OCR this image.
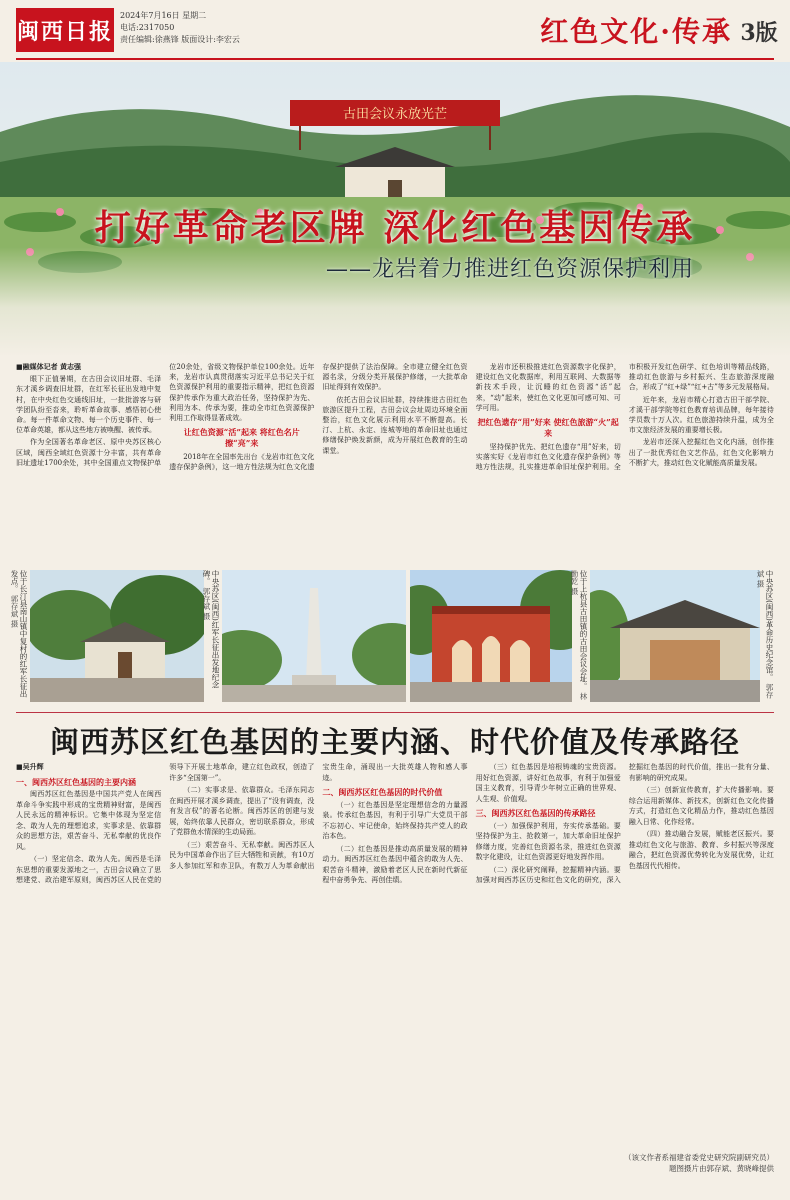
闽西日报
2024年7月16日 星期二
电话:2317050
责任编辑:徐燕锋 版面设计:李宏云	红色文化·传承 3版
古田会议永放光芒
打好革命老区牌 深化红色基因传承
——龙岩着力推进红色资源保护利用

■融媒体记者 黄志强

眼下正值暑期，在古田会议旧址群、毛泽东才溪乡调查旧址群，在红军长征出发地中复村，在中央红色交通线旧址，一批批游客与研学团队纷至沓来，聆听革命故事、感悟初心使命。每一件革命文物、每一个历史事件、每一位革命英雄，都从这些地方被唤醒、被传承。

作为全国著名革命老区、原中央苏区核心区域，闽西全域红色资源十分丰富，共有革命旧址遗址1700余处，其中全国重点文物保护单位20余处，省级文物保护单位100余处。近年来，龙岩市认真贯彻落实习近平总书记关于红色资源保护利用的重要指示精神，把红色资源保护传承作为重大政治任务，坚持保护为先、利用为本、传承为要，推动全市红色资源保护利用工作取得显著成效。

让红色资源“活”起来 将红色名片擦“亮”来

2018年在全国率先出台《龙岩市红色文化遗存保护条例》，这一地方性法规为红色文化遗存保护提供了法治保障。全市建立健全红色资源名录，分级分类开展保护修缮，一大批革命旧址得到有效保护。

依托古田会议旧址群，持续推进古田红色旅游区提升工程，古田会议会址周边环境全面整治，红色文化展示利用水平不断提高。长汀、上杭、永定、连城等地的革命旧址也通过修缮保护焕发新颜，成为开展红色教育的生动课堂。

龙岩市还积极推进红色资源数字化保护，建设红色文化数据库，利用互联网、大数据等新技术手段，让沉睡的红色资源“活”起来，“动”起来，使红色文化更加可感可知、可学可用。

把红色遗存“用”好来 使红色旅游“火”起来

坚持保护优先、把红色遗存“用”好来，切实落实好《龙岩市红色文化遗存保护条例》等地方性法规，扎实推进革命旧址保护利用。全市积极开发红色研学、红色培训等精品线路，推动红色旅游与乡村振兴、生态旅游深度融合，形成了“红+绿”“红+古”等多元发展格局。

近年来，龙岩市精心打造古田干部学院、才溪干部学院等红色教育培训品牌，每年接待学员数十万人次。红色旅游持续升温，成为全市文旅经济发展的重要增长极。

龙岩市还深入挖掘红色文化内涵，创作推出了一批优秀红色文艺作品，红色文化影响力不断扩大，推动红色文化赋能高质量发展。

位于长汀县南山镇中复村的红军长征出发点。 郭存斌 摄	中央苏区(闽西)红军长征出发地纪念碑。 郭存斌 摄	位于上杭县古田镇的古田会议会址。 林勤乾 摄	中央苏区(闽西)革命历史纪念馆。 郭存斌 摄
闽西苏区红色基因的主要内涵、时代价值及传承路径

■吴升辉

一、闽西苏区红色基因的主要内涵

闽西苏区红色基因是中国共产党人在闽西革命斗争实践中形成的宝贵精神财富，是闽西人民永远的精神标识。它集中体现为坚定信念、敢为人先的理想追求，实事求是、依靠群众的思想方法，艰苦奋斗、无私奉献的优良作风。

（一）坚定信念、敢为人先。闽西是毛泽东思想的重要发源地之一，古田会议确立了思想建党、政治建军原则，闽西苏区人民在党的领导下开展土地革命，建立红色政权，创造了许多“全国第一”。

（二）实事求是、依靠群众。毛泽东同志在闽西开展才溪乡调查，提出了“没有调查，没有发言权”的著名论断。闽西苏区的创建与发展，始终依靠人民群众，密切联系群众，形成了党群鱼水情深的生动局面。

（三）艰苦奋斗、无私奉献。闽西苏区人民为中国革命作出了巨大牺牲和贡献，有10万多人参加红军和赤卫队，有数万人为革命献出宝贵生命，涌现出一大批英雄人物和感人事迹。

二、闽西苏区红色基因的时代价值

（一）红色基因是坚定理想信念的力量源泉。传承红色基因，有利于引导广大党员干部不忘初心、牢记使命，始终保持共产党人的政治本色。

（二）红色基因是推动高质量发展的精神动力。闽西苏区红色基因中蕴含的敢为人先、艰苦奋斗精神，激励着老区人民在新时代新征程中奋勇争先、再创佳绩。

（三）红色基因是培根铸魂的宝贵资源。用好红色资源，讲好红色故事，有利于加强爱国主义教育，引导青少年树立正确的世界观、人生观、价值观。

三、闽西苏区红色基因的传承路径

（一）加强保护利用，夯实传承基础。要坚持保护为主、抢救第一，加大革命旧址保护修缮力度，完善红色资源名录，推进红色资源数字化建设，让红色资源更好地发挥作用。

（二）深化研究阐释，挖掘精神内涵。要加强对闽西苏区历史和红色文化的研究，深入挖掘红色基因的时代价值，推出一批有分量、有影响的研究成果。

（三）创新宣传教育，扩大传播影响。要综合运用新媒体、新技术，创新红色文化传播方式，打造红色文化精品力作，推动红色基因融入日常、化作经常。

（四）推动融合发展，赋能老区振兴。要推动红色文化与旅游、教育、乡村振兴等深度融合，把红色资源优势转化为发展优势，让红色基因代代相传。

（该文作者系福建省委党史研究院副研究员）
题图摄片由郭存斌、黄晓峰提供
